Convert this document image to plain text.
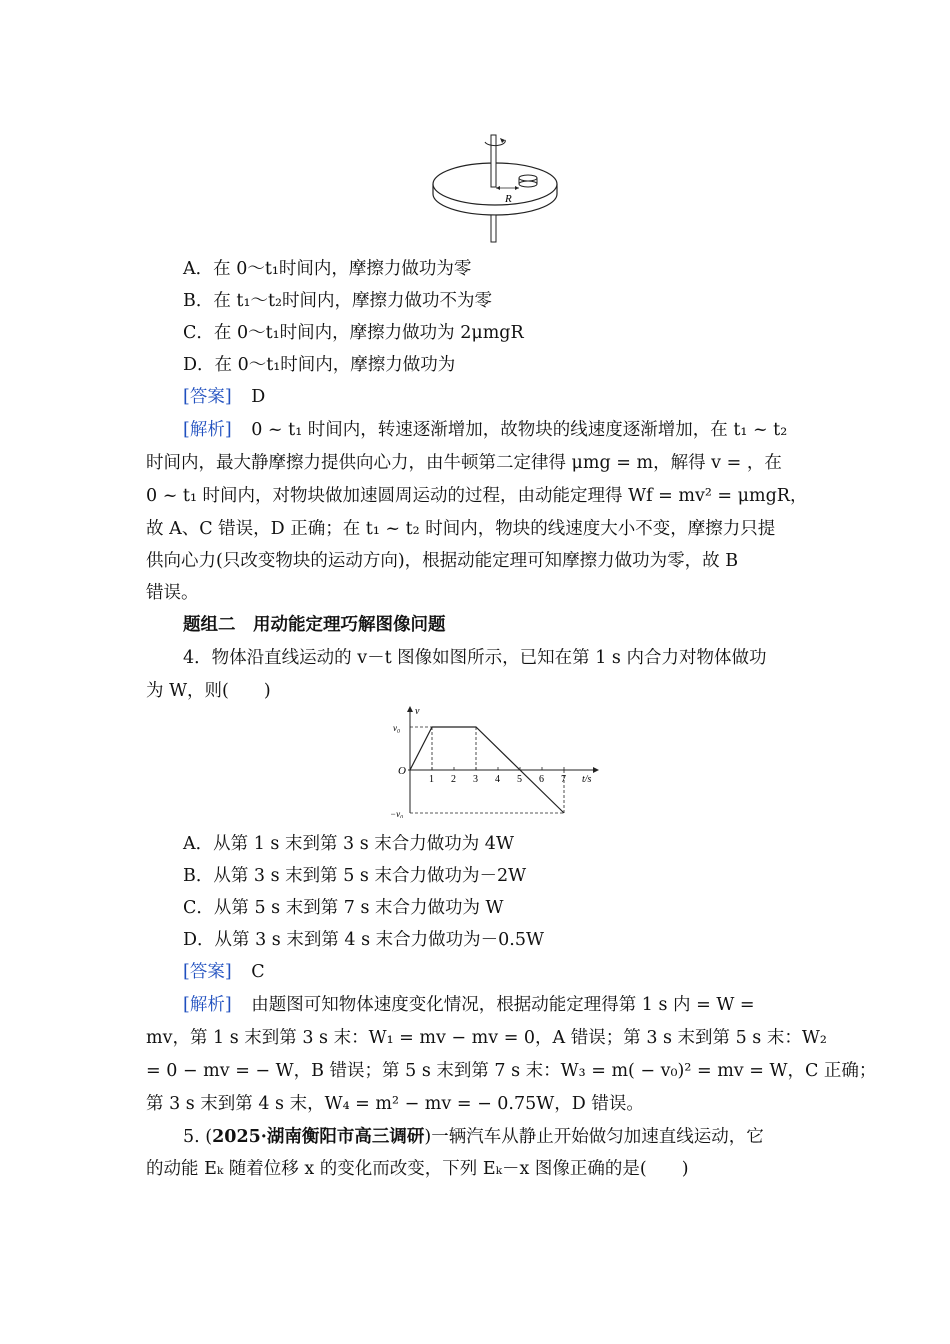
R
A．在 0～t₁时间内，摩擦力做功为零
B．在 t₁～t₂时间内，摩擦力做功不为零
C．在 0～t₁时间内，摩擦力做功为 2μmgR
D．在 0～t₁时间内，摩擦力做功为
[答案] D
[解析] 0 ~ t₁ 时间内，转速逐渐增加，故物块的线速度逐渐增加，在 t₁ ~ t₂
时间内，最大静摩擦力提供向心力，由牛顿第二定律得 μmg = m，解得 v = ，在
0 ~ t₁ 时间内，对物块做加速圆周运动的过程，由动能定理得 Wf = mv² = μmgR，
故 A、C 错误，D 正确；在 t₁ ~ t₂ 时间内，物块的线速度大小不变，摩擦力只提
供向心力(只改变物块的运动方向)，根据动能定理可知摩擦力做功为零，故 B
错误。
题组二　用动能定理巧解图像问题
4．物体沿直线运动的 v－t 图像如图所示，已知在第 1 s 内合力对物体做功
为 W，则(　　)
1 2 3 4 5 6 7
v₀
−v₀
O
v
t/s
A．从第 1 s 末到第 3 s 末合力做功为 4W
B．从第 3 s 末到第 5 s 末合力做功为－2W
C．从第 5 s 末到第 7 s 末合力做功为 W
D．从第 3 s 末到第 4 s 末合力做功为－0.5W
[答案] C
[解析] 由题图可知物体速度变化情况，根据动能定理得第 1 s 内 = W =
mv，第 1 s 末到第 3 s 末：W₁ = mv − mv = 0，A 错误；第 3 s 末到第 5 s 末：W₂
= 0 − mv = − W，B 错误；第 5 s 末到第 7 s 末：W₃ = m( − v₀)² = mv = W，C 正确；
第 3 s 末到第 4 s 末，W₄ = m² − mv = − 0.75W，D 错误。
5. (2025·湖南衡阳市高三调研)一辆汽车从静止开始做匀加速直线运动，它
的动能 Eₖ 随着位移 x 的变化而改变，下列 Eₖ－x 图像正确的是(　　)
